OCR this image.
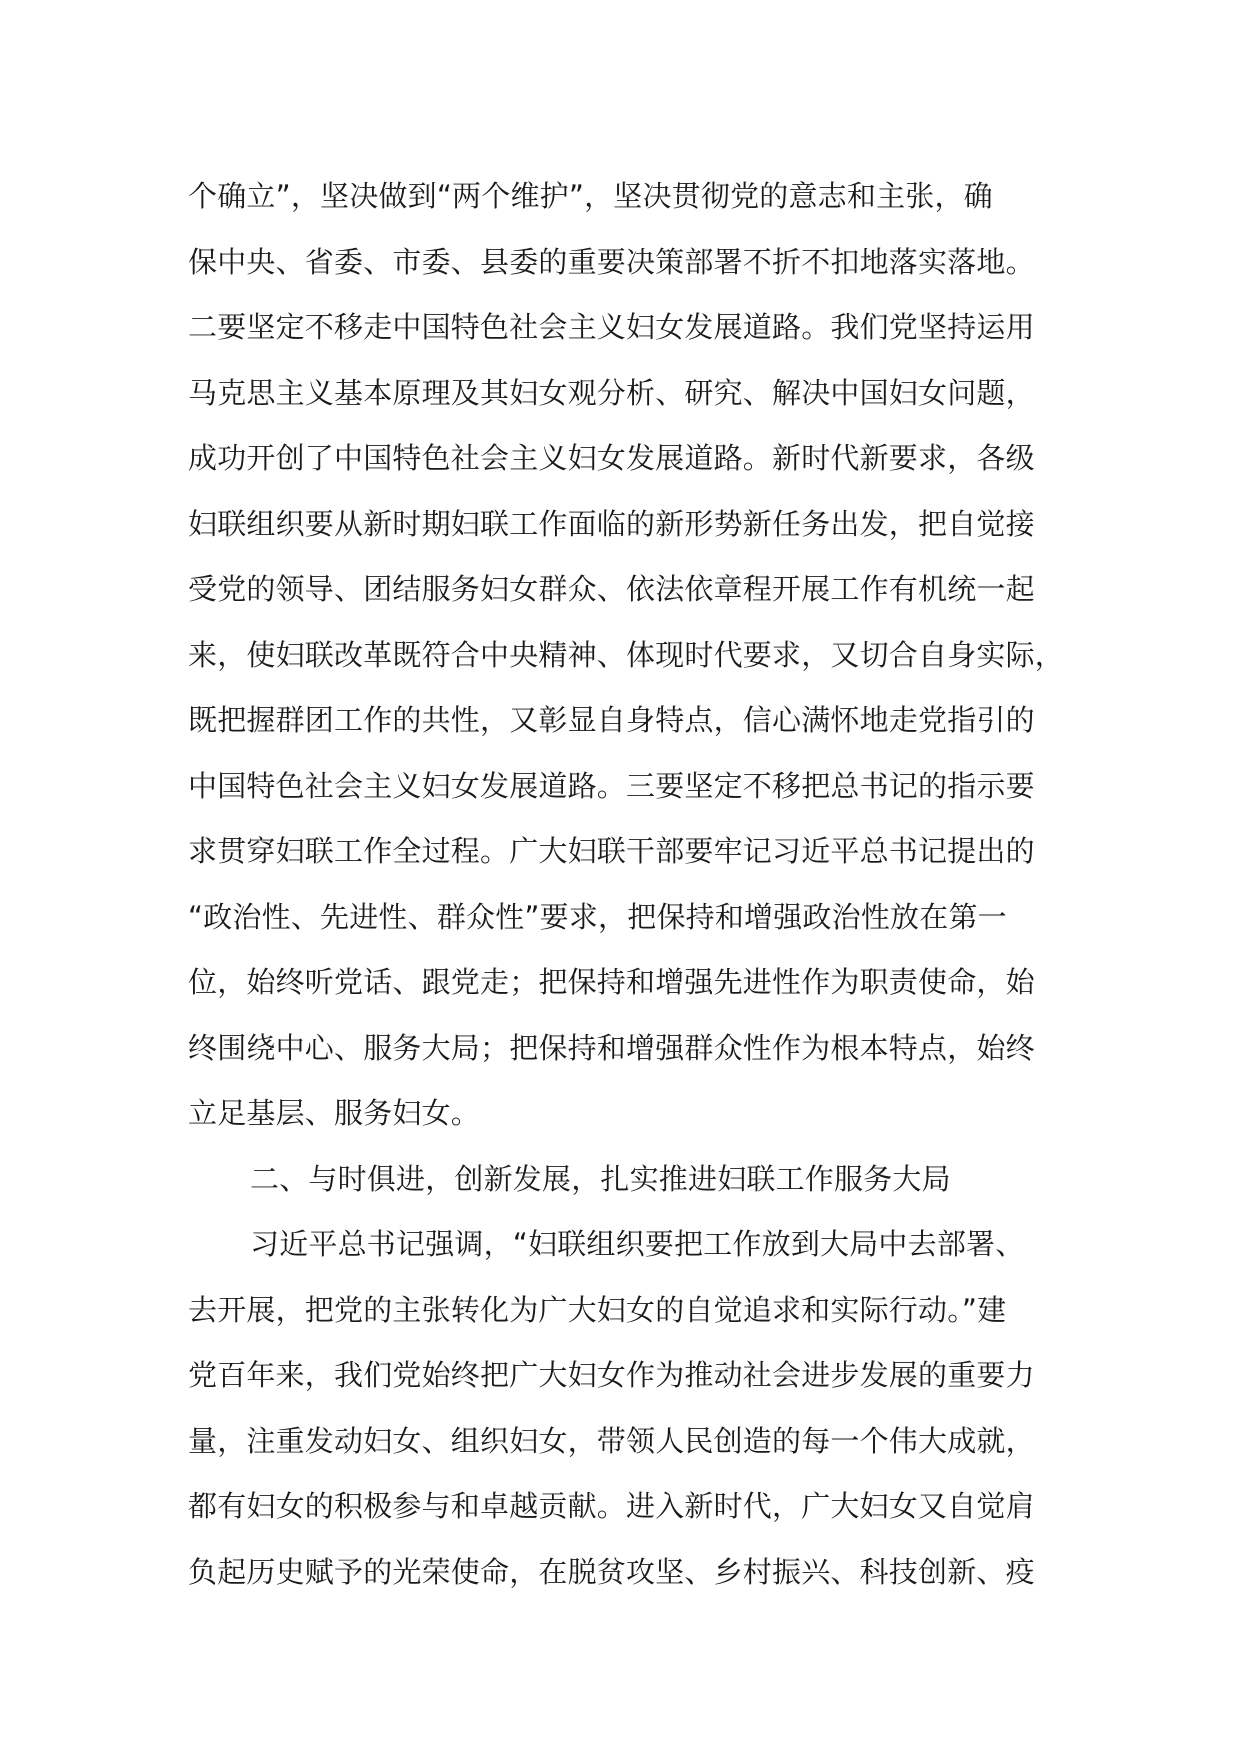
个确立”，坚决做到“两个维护”，坚决贯彻党的意志和主张，确
保中央、省委、市委、县委的重要决策部署不折不扣地落实落地。
二要坚定不移走中国特色社会主义妇女发展道路。我们党坚持运用
马克思主义基本原理及其妇女观分析、研究、解决中国妇女问题，
成功开创了中国特色社会主义妇女发展道路。新时代新要求，各级
妇联组织要从新时期妇联工作面临的新形势新任务出发，把自觉接
受党的领导、团结服务妇女群众、依法依章程开展工作有机统一起
来，使妇联改革既符合中央精神、体现时代要求，又切合自身实际，
既把握群团工作的共性，又彰显自身特点，信心满怀地走党指引的
中国特色社会主义妇女发展道路。三要坚定不移把总书记的指示要
求贯穿妇联工作全过程。广大妇联干部要牢记习近平总书记提出的
“政治性、先进性、群众性”要求，把保持和增强政治性放在第一
位，始终听党话、跟党走；把保持和增强先进性作为职责使命，始
终围绕中心、服务大局；把保持和增强群众性作为根本特点，始终
立足基层、服务妇女。
二、与时俱进，创新发展，扎实推进妇联工作服务大局
习近平总书记强调，“妇联组织要把工作放到大局中去部署、
去开展，把党的主张转化为广大妇女的自觉追求和实际行动。”建
党百年来，我们党始终把广大妇女作为推动社会进步发展的重要力
量，注重发动妇女、组织妇女，带领人民创造的每一个伟大成就，
都有妇女的积极参与和卓越贡献。进入新时代，广大妇女又自觉肩
负起历史赋予的光荣使命，在脱贫攻坚、乡村振兴、科技创新、疫
